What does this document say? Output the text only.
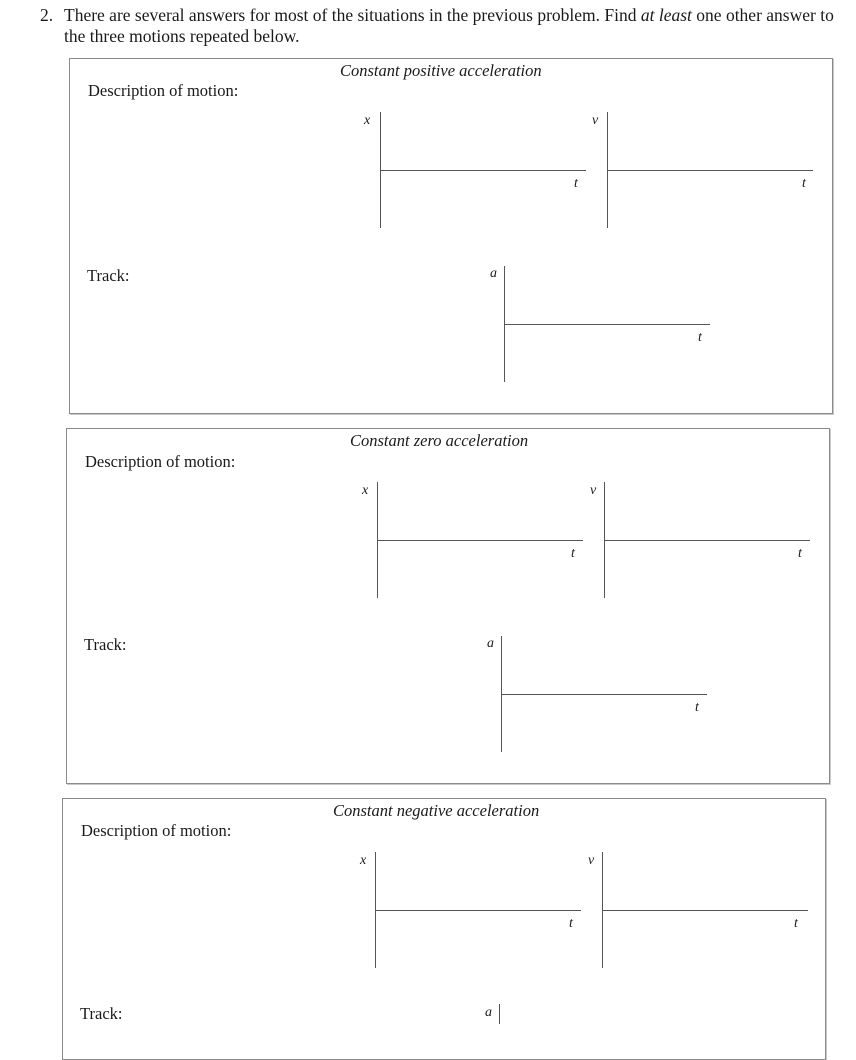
2. There are several answers for most of the situations in the previous problem. Find at least one other answer to the three motions repeated below.
Constant positive acceleration
Description of motion:
Track:
x
t
v
t
a
t
Constant zero acceleration
Description of motion:
Track:
x
t
v
t
a
t
Constant negative acceleration
Description of motion:
Track:
x
t
v
t
a
